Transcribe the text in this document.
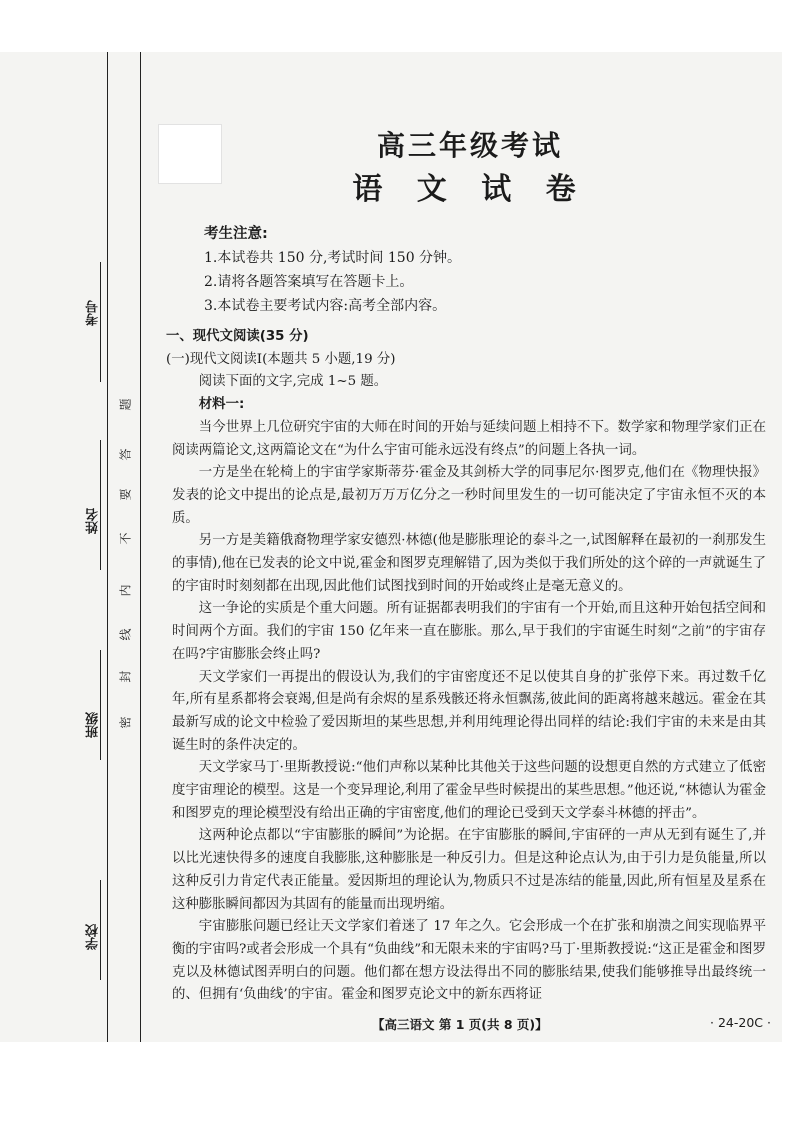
考号
姓名
班级
学校
题
答
要
不
内
线
封
密
高三年级考试
语 文 试 卷
考生注意:
1.本试卷共 150 分,考试时间 150 分钟。
2.请将各题答案填写在答题卡上。
3.本试卷主要考试内容:高考全部内容。

一、现代文阅读(35 分)

(一)现代文阅读Ⅰ(本题共 5 小题,19 分)

阅读下面的文字,完成 1~5 题。

材料一:

当今世界上几位研究宇宙的大师在时间的开始与延续问题上相持不下。数学家和物理学家们正在阅读两篇论文,这两篇论文在“为什么宇宙可能永远没有终点”的问题上各执一词。

一方是坐在轮椅上的宇宙学家斯蒂芬·霍金及其剑桥大学的同事尼尔·图罗克,他们在《物理快报》发表的论文中提出的论点是,最初万万万亿分之一秒时间里发生的一切可能决定了宇宙永恒不灭的本质。

另一方是美籍俄裔物理学家安德烈·林德(他是膨胀理论的泰斗之一,试图解释在最初的一刹那发生的事情),他在已发表的论文中说,霍金和图罗克理解错了,因为类似于我们所处的这个碎的一声就诞生了的宇宙时时刻刻都在出现,因此他们试图找到时间的开始或终止是毫无意义的。

这一争论的实质是个重大问题。所有证据都表明我们的宇宙有一个开始,而且这种开始包括空间和时间两个方面。我们的宇宙 150 亿年来一直在膨胀。那么,早于我们的宇宙诞生时刻“之前”的宇宙存在吗?宇宙膨胀会终止吗?

天文学家们一再提出的假设认为,我们的宇宙密度还不足以使其自身的扩张停下来。再过数千亿年,所有星系都将会衰竭,但是尚有余烬的星系残骸还将永恒飘荡,彼此间的距离将越来越远。霍金在其最新写成的论文中检验了爱因斯坦的某些思想,并利用纯理论得出同样的结论:我们宇宙的未来是由其诞生时的条件决定的。

天文学家马丁·里斯教授说:“他们声称以某种比其他关于这些问题的设想更自然的方式建立了低密度宇宙理论的模型。这是一个变异理论,利用了霍金早些时候提出的某些思想。”他还说,“林德认为霍金和图罗克的理论模型没有给出正确的宇宙密度,他们的理论已受到天文学泰斗林德的抨击”。

这两种论点都以“宇宙膨胀的瞬间”为论据。在宇宙膨胀的瞬间,宇宙砰的一声从无到有诞生了,并以比光速快得多的速度自我膨胀,这种膨胀是一种反引力。但是这种论点认为,由于引力是负能量,所以这种反引力肯定代表正能量。爱因斯坦的理论认为,物质只不过是冻结的能量,因此,所有恒星及星系在这种膨胀瞬间都因为其固有的能量而出现坍缩。

宇宙膨胀问题已经让天文学家们着迷了 17 年之久。它会形成一个在扩张和崩溃之间实现临界平衡的宇宙吗?或者会形成一个具有“负曲线”和无限未来的宇宙吗?马丁·里斯教授说:“这正是霍金和图罗克以及林德试图弄明白的问题。他们都在想方设法得出不同的膨胀结果,使我们能够推导出最终统一的、但拥有‘负曲线’的宇宙。霍金和图罗克论文中的新东西将证

【高三语文 第 1 页(共 8 页)】	· 24-20C ·
